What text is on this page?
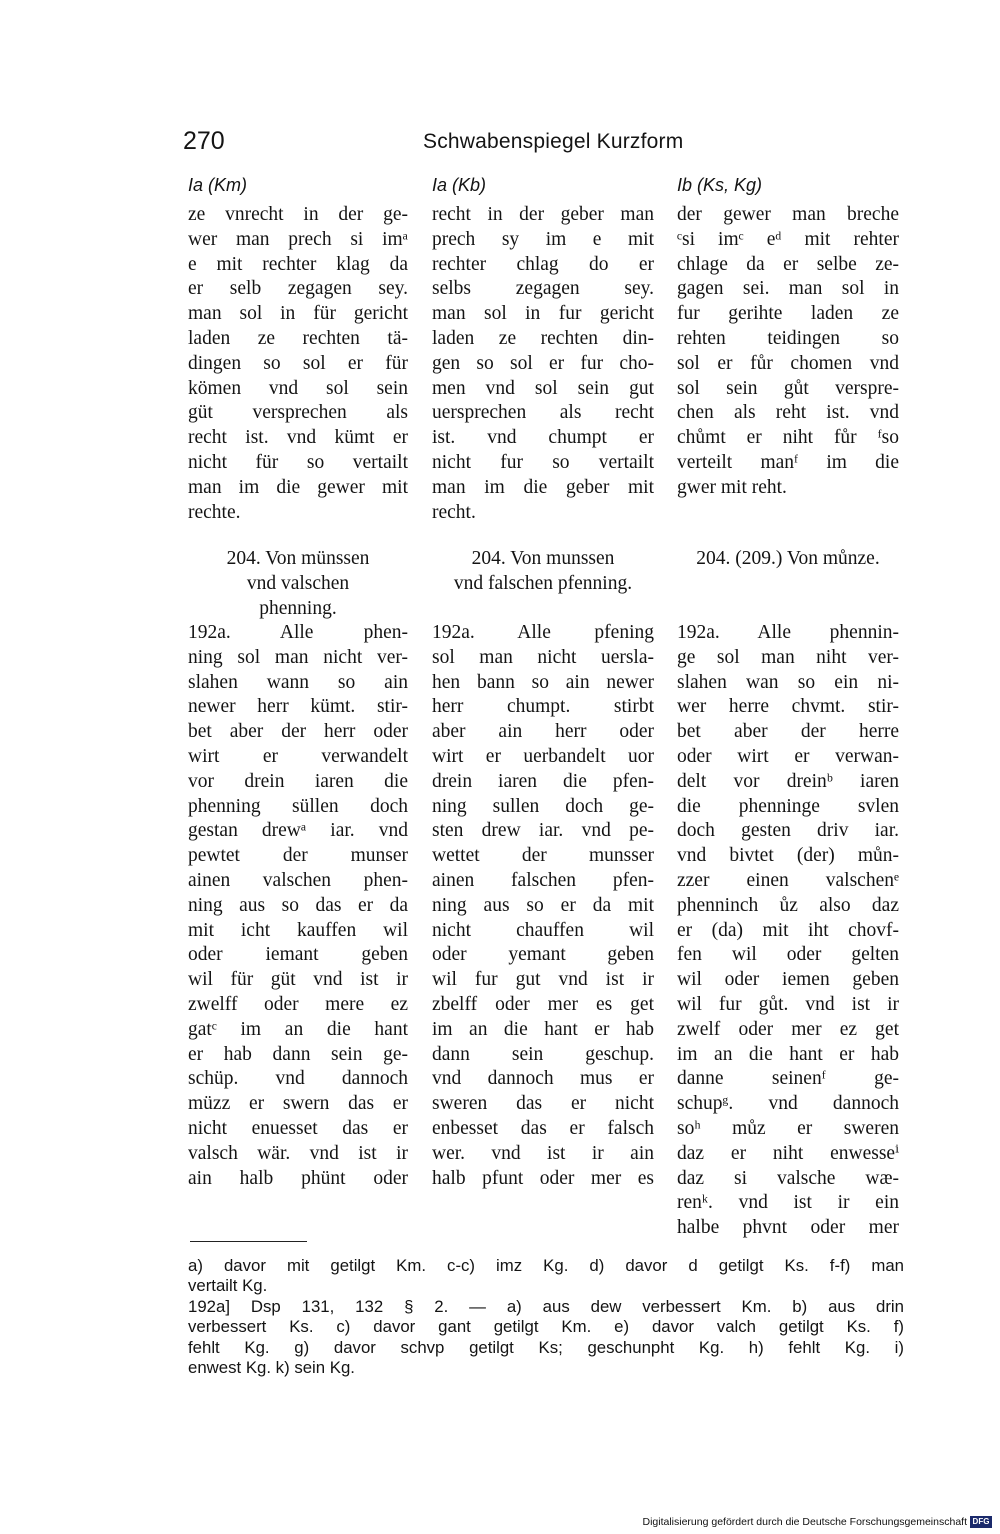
270	Schwabenspiegel Kurzform
Ia (Km)
ze vnrecht in der ge-
wer man prech si imᵃ
e mit rechter klag da
er selb zegagen sey.
man sol in für gericht
laden ze rechten tä-
dingen so sol er für
kömen vnd sol sein
güt versprechen als
recht ist. vnd kümt er
nicht für so vertailt
man im die gewer mit
rechte.
204. Von münssen
vnd valschen
phenning.
192a. Alle phen-
ning sol man nicht ver-
slahen wann so ain
newer herr kümt. stir-
bet aber der herr oder
wirt er verwandelt
vor drein iaren die
phenning süllen doch
gestan drewᵃ iar. vnd
pewtet der munser
ainen valschen phen-
ning aus so das er da
mit icht kauffen wil
oder iemant geben
wil für güt vnd ist ir
zwelff oder mere ez
gatᶜ im an die hant
er hab dann sein ge-
schüp. vnd dannoch
müzz er swern das er
nicht enuesset das er
valsch wär. vnd ist ir
ain halb phünt oder
Ia (Kb)
recht in der geber man
prech sy im e mit
rechter chlag do er
selbs zegagen sey.
man sol in fur gericht
laden ze rechten din-
gen so sol er fur cho-
men vnd sol sein gut
uersprechen als recht
ist. vnd chumpt er
nicht fur so vertailt
man im die geber mit
recht.
204. Von munssen
vnd falschen pfenning.
192a. Alle pfening
sol man nicht uersla-
hen bann so ain newer
herr chumpt. stirbt
aber ain herr oder
wirt er uerbandelt uor
drein iaren die pfen-
ning sullen doch ge-
sten drew iar. vnd pe-
wettet der munsser
ainen falschen pfen-
ning aus so er da mit
nicht chauffen wil
oder yemant geben
wil fur gut vnd ist ir
zbelff oder mer es get
im an die hant er hab
dann sein geschup.
vnd dannoch mus er
sweren das er nicht
enbesset das er falsch
wer. vnd ist ir ain
halb pfunt oder mer es
Ib (Ks, Kg)
der gewer man breche
ᶜsi imᶜ eᵈ mit rehter
chlage da er selbe ze-
gagen sei. man sol in
fur gerihte laden ze
rehten teidingen so
sol er fůr chomen vnd
sol sein gůt verspre-
chen als reht ist. vnd
chůmt er niht fůr ᶠso
verteilt manᶠ im die
gwer mit reht.
204. (209.) Von můnze.
192a. Alle phennin-
ge sol man niht ver-
slahen wan so ein ni-
wer herre chvmt. stir-
bet aber der herre
oder wirt er verwan-
delt vor dreinᵇ iaren
die phenninge svlen
doch gesten driv iar.
vnd bivtet (der) můn-
zzer einen valschenᵉ
phenninch ůz also daz
er (da) mit iht chovf-
fen wil oder gelten
wil oder iemen geben
wil fur gůt. vnd ist ir
zwelf oder mer ez get
im an die hant er hab
danne seinenᶠ ge-
schupᵍ. vnd dannoch
soʰ můz er sweren
daz er niht enwesseⁱ
daz si valsche wæ-
renᵏ. vnd ist ir ein
halbe phvnt oder mer
a) davor mit getilgt Km. c-c) imz Kg. d) davor d getilgt Ks. f-f) man
vertailt Kg.
192a] Dsp 131, 132 § 2. — a) aus dew verbessert Km. b) aus drin
verbessert Ks. c) davor gant getilgt Km. e) davor valch getilgt Ks. f)
fehlt Kg. g) davor schvp getilgt Ks; geschunpht Kg. h) fehlt Kg. i)
enwest Kg. k) sein Kg.
Digitalisierung gefördert durch die Deutsche Forschungsgemeinschaft DFG
